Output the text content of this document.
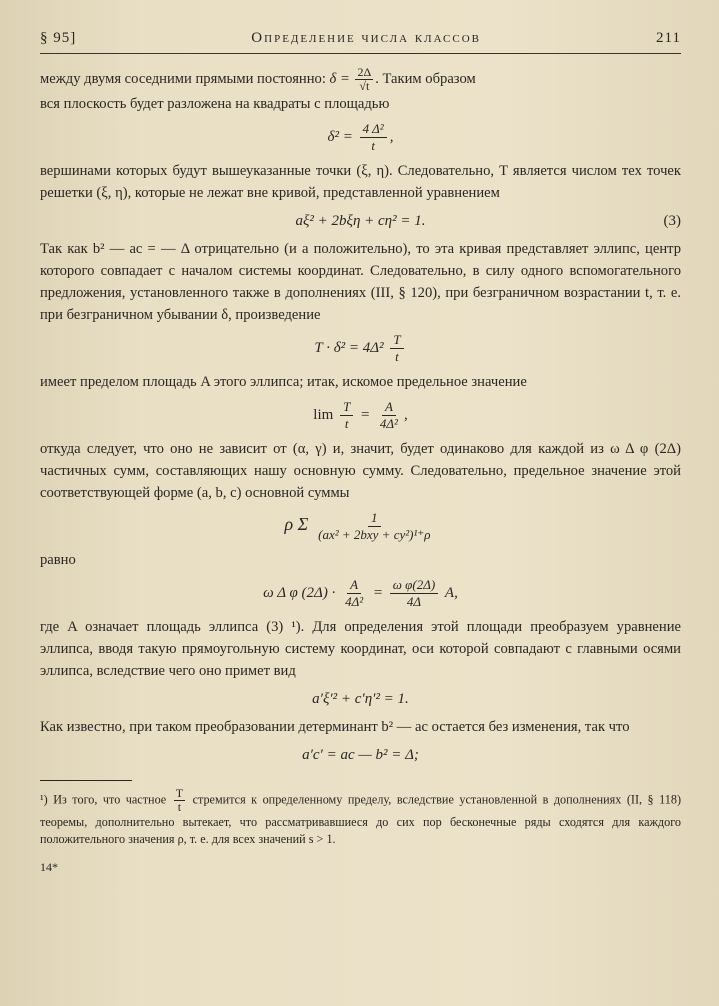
§ 95]	Определение числа классов	211

между двумя соседними прямыми постоянно: $\delta = \frac{2\Delta}{√t}$ . Таким образом

вся плоскость будет разложена на квадраты с площадью

$\delta^2 = \frac{\text{4 Δ²}}{t}$ ,

вершинами которых будут вышеуказанные точки (ξ, η). Следовательно, T является числом тех точек решетки (ξ, η), которые не лежат вне кривой, представленной уравнением

aξ² + 2bξη + cη² = 1.	(3)

Так как b² — ac = — Δ отрицательно (и a положительно), то эта кривая представляет эллипс, центр которого совпадает с началом системы координат. Следовательно, в силу одного вспомогательного предложения, установленного также в дополнениях (III, § 120), при безграничном возрастании t, т. е. при безграничном убывании δ, произведение

$T \cdot \delta^2 = 4\Delta^2 \frac{T}{t}$

имеет пределом площадь A этого эллипса; итак, искомое предельное значение

$\lim \frac{T}{t} = \frac{A}{\text{4Δ²}}$ ,

откуда следует, что оно не зависит от (α, γ) и, значит, будет одинаково для каждой из ω Δ φ (2Δ) частичных сумм, составляющих нашу основную сумму. Следовательно, предельное значение этой соответствующей форме (a, b, c) основной суммы

ρ Σ $\frac{1}{\text{(ax² + 2bxy + cy²)¹⁺ρ}}$

равно

ω Δ φ $(2\Delta) \cdot \frac{A}{\text{4Δ²}} = \frac{\text{ω φ(2Δ)}}{4\Delta} A$,

где A означает площадь эллипса (3) ¹). Для определения этой площади преобразуем уравнение эллипса, вводя такую прямоугольную систему координат, оси которой совпадают с главными осями эллипса, вследствие чего оно примет вид

a′ξ′² + c′η′² = 1.

Как известно, при таком преобразовании детерминант b² — ac остается без изменения, так что

a′c′ = ac — b² = Δ;

¹) Из того, что частное $\frac{T}{t}$ стремится к определенному пределу, вследствие установленной в дополнениях (II, § 118) теоремы, дополнительно вытекает, что рассматривавшиеся до сих пор бесконечные ряды сходятся для каждого положительного значения ρ, т. е. для всех значений s > 1.

14*
